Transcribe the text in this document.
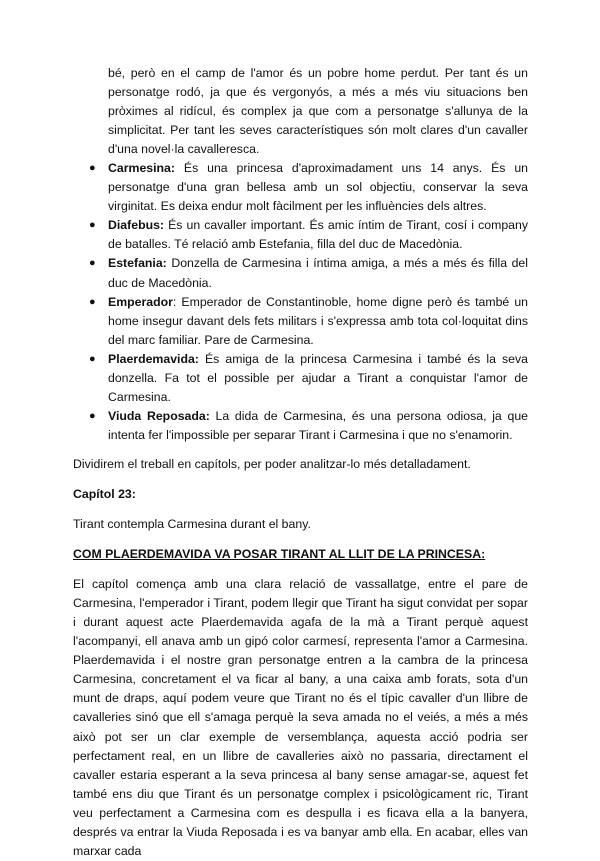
bé, però en el camp de l'amor és un pobre home perdut. Per tant és un personatge rodó, ja que és vergonyós, a més a més viu situacions ben pròximes al ridícul, és complex ja que com a personatge s'allunya de la simplicitat. Per tant les seves característiques són molt clares d'un cavaller d'una novel·la cavalleresca.

● Carmesina: És una princesa d'aproximadament uns 14 anys. És un personatge d'una gran bellesa amb un sol objectiu, conservar la seva virginitat. Es deixa endur molt fàcilment per les influències dels altres.
● Diafebus: És un cavaller important. És amic íntim de Tirant, cosí i company de batalles. Té relació amb Estefania, filla del duc de Macedònia.
● Estefania: Donzella de Carmesina i íntima amiga, a més a més és filla del duc de Macedònia.
● Emperador: Emperador de Constantinoble, home digne però és també un home insegur davant dels fets militars i s'expressa amb tota col·loquitat dins del marc familiar. Pare de Carmesina.
● Plaerdemavida: És amiga de la princesa Carmesina i també és la seva donzella. Fa tot el possible per ajudar a Tirant a conquistar l'amor de Carmesina.
● Viuda Reposada: La dida de Carmesina, és una persona odiosa, ja que intenta fer l'impossible per separar Tirant i Carmesina i que no s'enamorin.

Dividirem el treball en capítols, per poder analitzar-lo més detalladament.

Capítol 23:

Tirant contempla Carmesina durant el bany.

COM PLAERDEMAVIDA VA POSAR TIRANT AL LLIT DE LA PRINCESA:

El capítol comença amb una clara relació de vassallatge, entre el pare de Carmesina, l'emperador i Tirant, podem llegir que Tirant ha sigut convidat per sopar i durant aquest acte Plaerdemavida agafa de la mà a Tirant perquè aquest l'acompanyi, ell anava amb un gipó color carmesí, representa l'amor a Carmesina. Plaerdemavida i el nostre gran personatge entren a la cambra de la princesa Carmesina, concretament el va ficar al bany, a una caixa amb forats, sota d'un munt de draps, aquí podem veure que Tirant no és el típic cavaller d'un llibre de cavalleries sinó que ell s'amaga perquè la seva amada no el veiés, a més a més això pot ser un clar exemple de versemblança, aquesta acció podria ser perfectament real, en un llibre de cavalleries això no passaria, directament el cavaller estaria esperant a la seva princesa al bany sense amagar-se, aquest fet també ens diu que Tirant és un personatge complex i psicològicament ric, Tirant veu perfectament a Carmesina com es despulla i es ficava ella a la banyera, després va entrar la Viuda Reposada i es va banyar amb ella. En acabar, elles van marxar cada
